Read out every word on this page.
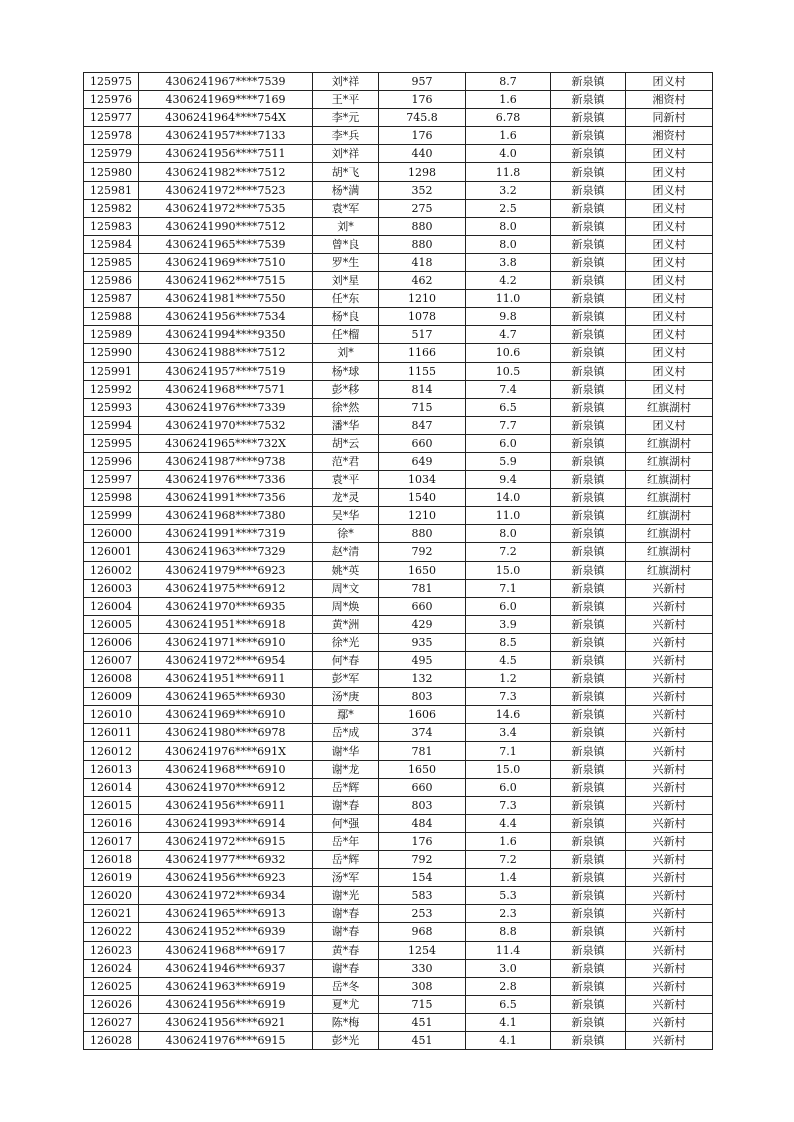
125975	4306241967****7539	刘*祥	957	8.7	新泉镇	团义村
125976	4306241969****7169	王*平	176	1.6	新泉镇	湘资村
125977	4306241964****754X	李*元	745.8	6.78	新泉镇	同新村
125978	4306241957****7133	李*兵	176	1.6	新泉镇	湘资村
125979	4306241956****7511	刘*祥	440	4.0	新泉镇	团义村
125980	4306241982****7512	胡*飞	1298	11.8	新泉镇	团义村
125981	4306241972****7523	杨*满	352	3.2	新泉镇	团义村
125982	4306241972****7535	袁*军	275	2.5	新泉镇	团义村
125983	4306241990****7512	刘*	880	8.0	新泉镇	团义村
125984	4306241965****7539	曾*良	880	8.0	新泉镇	团义村
125985	4306241969****7510	罗*生	418	3.8	新泉镇	团义村
125986	4306241962****7515	刘*星	462	4.2	新泉镇	团义村
125987	4306241981****7550	任*东	1210	11.0	新泉镇	团义村
125988	4306241956****7534	杨*良	1078	9.8	新泉镇	团义村
125989	4306241994****9350	任*榴	517	4.7	新泉镇	团义村
125990	4306241988****7512	刘*	1166	10.6	新泉镇	团义村
125991	4306241957****7519	杨*球	1155	10.5	新泉镇	团义村
125992	4306241968****7571	彭*移	814	7.4	新泉镇	团义村
125993	4306241976****7339	徐*然	715	6.5	新泉镇	红旗湖村
125994	4306241970****7532	潘*华	847	7.7	新泉镇	团义村
125995	4306241965****732X	胡*云	660	6.0	新泉镇	红旗湖村
125996	4306241987****9738	范*君	649	5.9	新泉镇	红旗湖村
125997	4306241976****7336	袁*平	1034	9.4	新泉镇	红旗湖村
125998	4306241991****7356	龙*灵	1540	14.0	新泉镇	红旗湖村
125999	4306241968****7380	吴*华	1210	11.0	新泉镇	红旗湖村
126000	4306241991****7319	徐*	880	8.0	新泉镇	红旗湖村
126001	4306241963****7329	赵*清	792	7.2	新泉镇	红旗湖村
126002	4306241979****6923	姚*英	1650	15.0	新泉镇	红旗湖村
126003	4306241975****6912	周*文	781	7.1	新泉镇	兴新村
126004	4306241970****6935	周*焕	660	6.0	新泉镇	兴新村
126005	4306241951****6918	黄*洲	429	3.9	新泉镇	兴新村
126006	4306241971****6910	徐*光	935	8.5	新泉镇	兴新村
126007	4306241972****6954	何*春	495	4.5	新泉镇	兴新村
126008	4306241951****6911	彭*军	132	1.2	新泉镇	兴新村
126009	4306241965****6930	汤*庚	803	7.3	新泉镇	兴新村
126010	4306241969****6910	鄢*	1606	14.6	新泉镇	兴新村
126011	4306241980****6978	岳*成	374	3.4	新泉镇	兴新村
126012	4306241976****691X	谢*华	781	7.1	新泉镇	兴新村
126013	4306241968****6910	谢*龙	1650	15.0	新泉镇	兴新村
126014	4306241970****6912	岳*辉	660	6.0	新泉镇	兴新村
126015	4306241956****6911	谢*春	803	7.3	新泉镇	兴新村
126016	4306241993****6914	何*强	484	4.4	新泉镇	兴新村
126017	4306241972****6915	岳*年	176	1.6	新泉镇	兴新村
126018	4306241977****6932	岳*辉	792	7.2	新泉镇	兴新村
126019	4306241956****6923	汤*军	154	1.4	新泉镇	兴新村
126020	4306241972****6934	谢*光	583	5.3	新泉镇	兴新村
126021	4306241965****6913	谢*春	253	2.3	新泉镇	兴新村
126022	4306241952****6939	谢*春	968	8.8	新泉镇	兴新村
126023	4306241968****6917	黄*春	1254	11.4	新泉镇	兴新村
126024	4306241946****6937	谢*春	330	3.0	新泉镇	兴新村
126025	4306241963****6919	岳*冬	308	2.8	新泉镇	兴新村
126026	4306241956****6919	夏*尤	715	6.5	新泉镇	兴新村
126027	4306241956****6921	陈*梅	451	4.1	新泉镇	兴新村
126028	4306241976****6915	彭*光	451	4.1	新泉镇	兴新村
